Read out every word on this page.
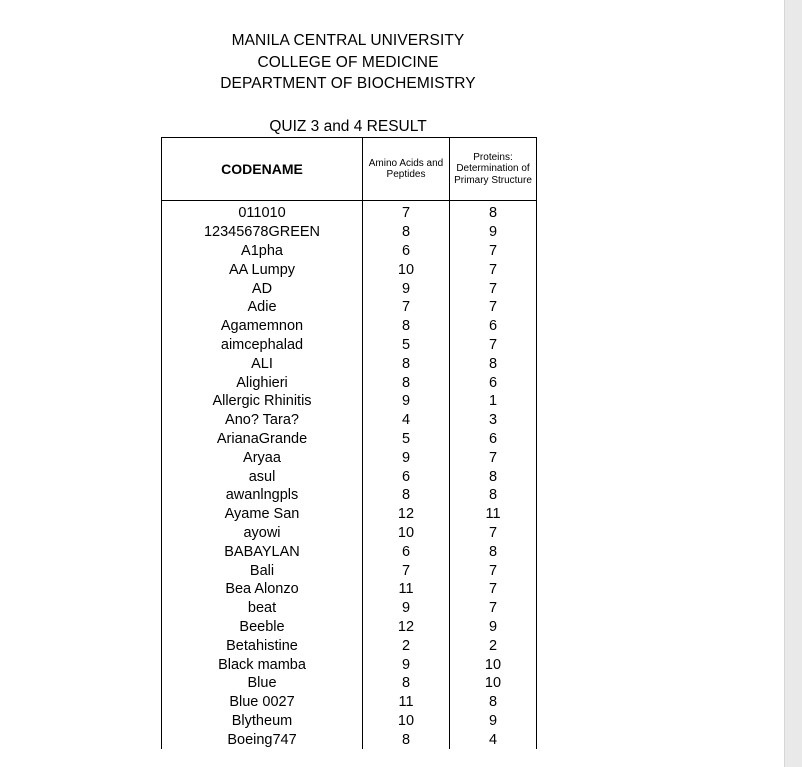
MANILA CENTRAL UNIVERSITY
COLLEGE OF MEDICINE
DEPARTMENT OF BIOCHEMISTRY
QUIZ 3 and 4 RESULT
CODENAME	Amino Acids and Peptides	Proteins: Determination of Primary Structure

011010	7	8
12345678GREEN	8	9
A1pha	6	7
AA Lumpy	10	7
AD	9	7
Adie	7	7
Agamemnon	8	6
aimcephalad	5	7
ALI	8	8
Alighieri	8	6
Allergic Rhinitis	9	1
Ano? Tara?	4	3
ArianaGrande	5	6
Aryaa	9	7
asul	6	8
awanlngpls	8	8
Ayame San	12	11
ayowi	10	7
BABAYLAN	6	8
Bali	7	7
Bea Alonzo	11	7
beat	9	7
Beeble	12	9
Betahistine	2	2
Black mamba	9	10
Blue	8	10
Blue 0027	11	8
Blytheum	10	9
Boeing747	8	4
